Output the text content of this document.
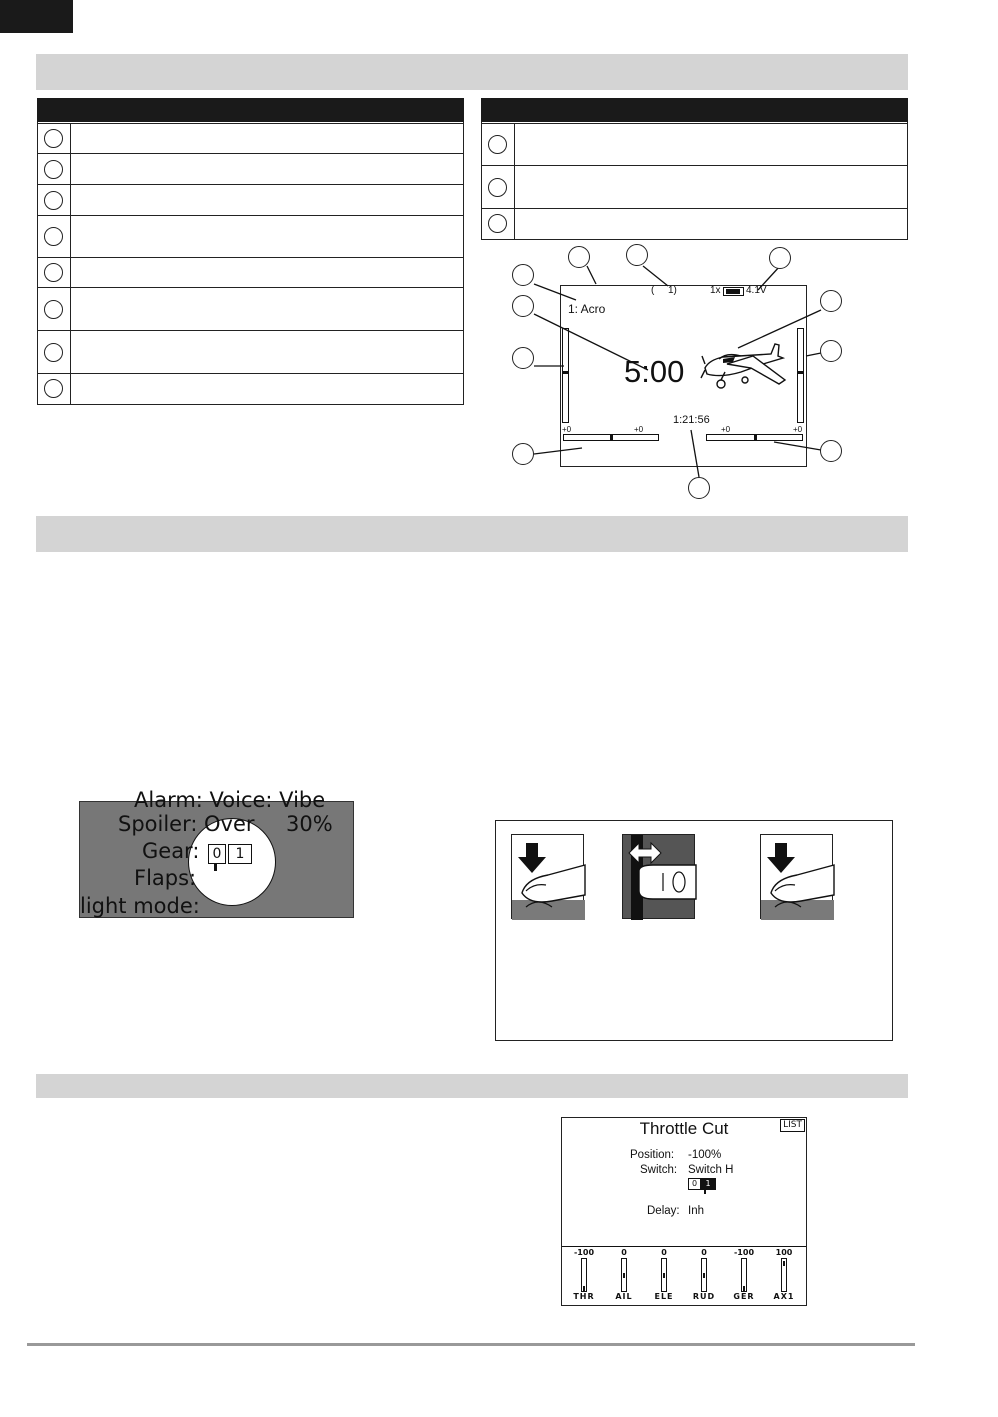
1: Acro
( 1)	1x	4.1V
5:00
1:21:56
+0	+0	+0	+0
Alarm: Voice: Vibe
Spoiler: Over 30%
Gear: 0	1
Flaps:
light mode:
Throttle Cut	LIST
Position: -100%
Switch: Switch H
0	1
Delay: Inh
-100
THR
0
AIL
0
ELE
0
RUD
-100
GER
100
AX1
